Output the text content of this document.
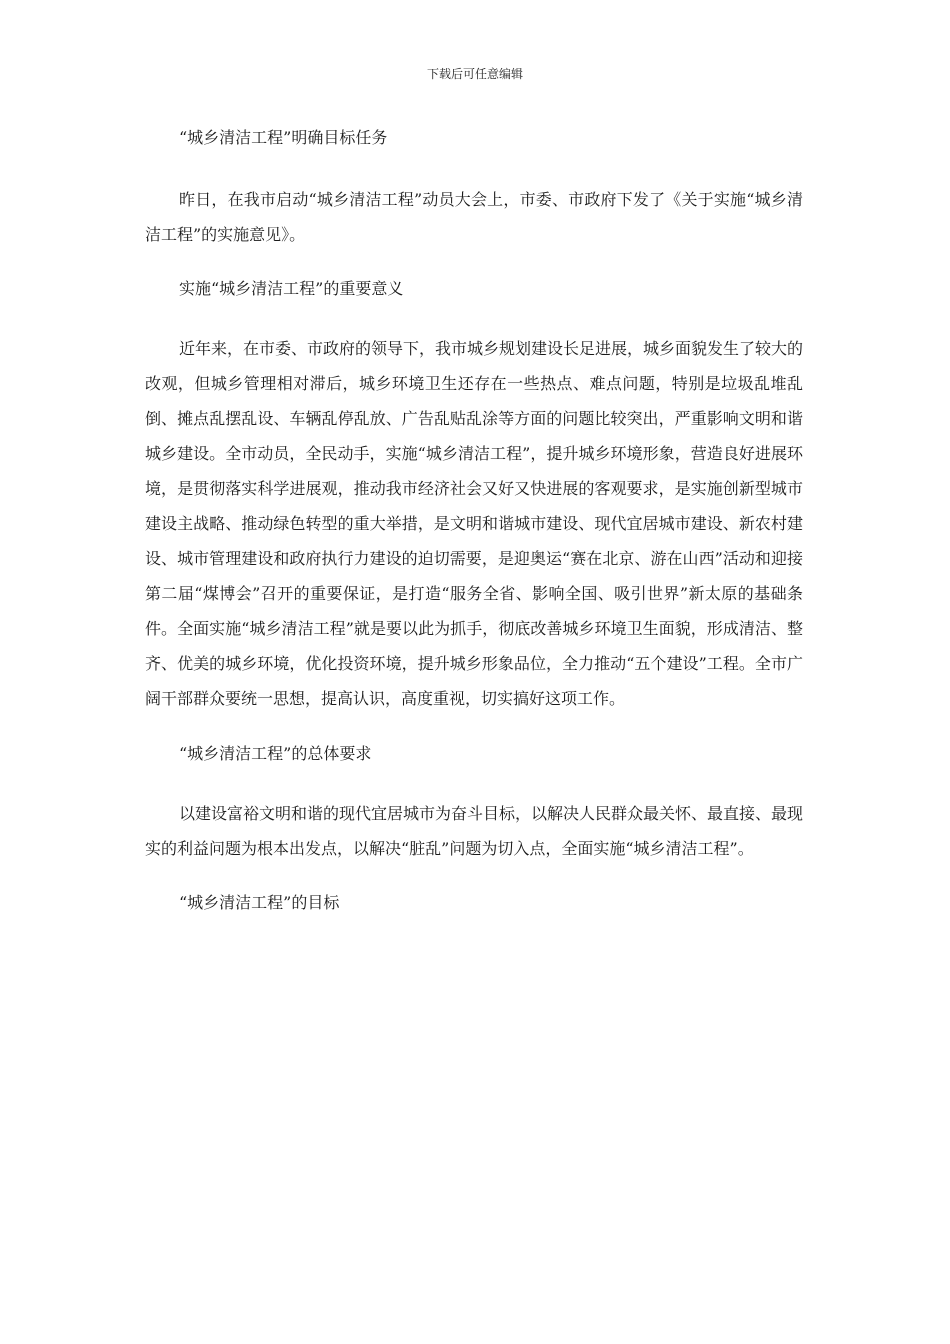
下载后可任意编辑
“城乡清洁工程”明确目标任务

昨日，在我市启动“城乡清洁工程”动员大会上，市委、市政府下发了《关于实施“城乡清洁工程”的实施意见》。

实施“城乡清洁工程”的重要意义

近年来，在市委、市政府的领导下，我市城乡规划建设长足进展，城乡面貌发生了较大的改观，但城乡管理相对滞后，城乡环境卫生还存在一些热点、难点问题，特别是垃圾乱堆乱倒、摊点乱摆乱设、车辆乱停乱放、广告乱贴乱涂等方面的问题比较突出，严重影响文明和谐城乡建设。全市动员，全民动手，实施“城乡清洁工程”，提升城乡环境形象，营造良好进展环境，是贯彻落实科学进展观，推动我市经济社会又好又快进展的客观要求，是实施创新型城市建设主战略、推动绿色转型的重大举措，是文明和谐城市建设、现代宜居城市建设、新农村建设、城市管理建设和政府执行力建设的迫切需要，是迎奥运“赛在北京、游在山西”活动和迎接第二届“煤博会”召开的重要保证，是打造“服务全省、影响全国、吸引世界”新太原的基础条件。全面实施“城乡清洁工程”就是要以此为抓手，彻底改善城乡环境卫生面貌，形成清洁、整齐、优美的城乡环境，优化投资环境，提升城乡形象品位，全力推动“五个建设”工程。全市广阔干部群众要统一思想，提高认识，高度重视，切实搞好这项工作。

“城乡清洁工程”的总体要求

以建设富裕文明和谐的现代宜居城市为奋斗目标，以解决人民群众最关怀、最直接、最现实的利益问题为根本出发点，以解决“脏乱”问题为切入点，全面实施“城乡清洁工程”。

“城乡清洁工程”的目标
